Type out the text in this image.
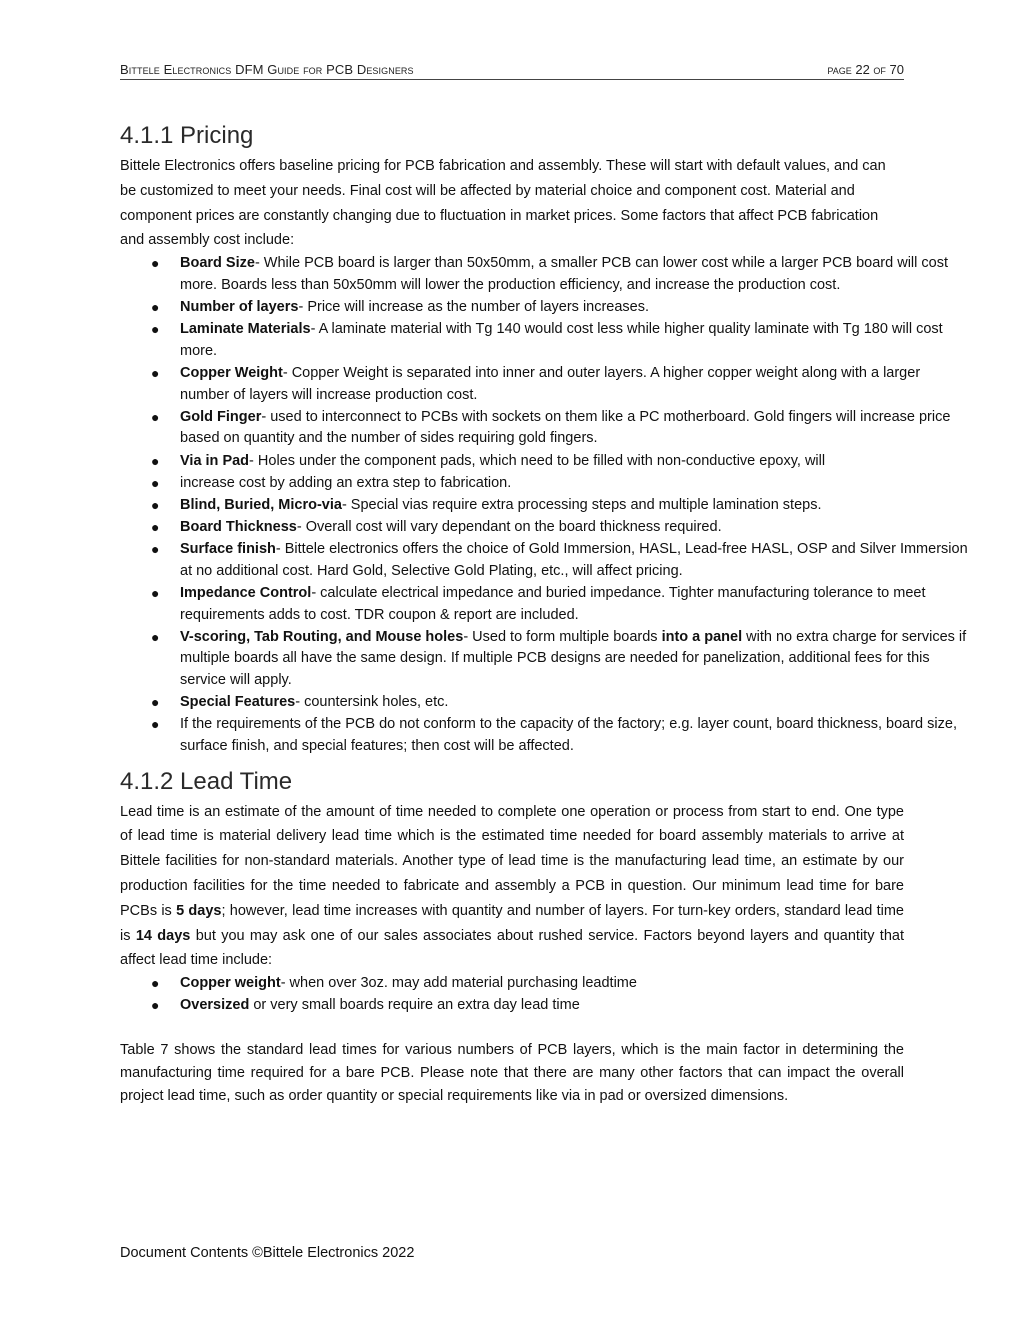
Bittele Electronics DFM Guide for PCB Designers	page 22 of 70
4.1.1 Pricing

Bittele Electronics offers baseline pricing for PCB fabrication and assembly. These will start with default values, and can be customized to meet your needs. Final cost will be affected by material choice and component cost. Material and component prices are constantly changing due to fluctuation in market prices. Some factors that affect PCB fabrication and assembly cost include:

● Board Size- While PCB board is larger than 50x50mm, a smaller PCB can lower cost while a larger PCB board will cost more. Boards less than 50x50mm will lower the production efficiency, and increase the production cost.
● Number of layers- Price will increase as the number of layers increases.
● Laminate Materials- A laminate material with Tg 140 would cost less while higher quality laminate with Tg 180 will cost more.
● Copper Weight- Copper Weight is separated into inner and outer layers. A higher copper weight along with a larger number of layers will increase production cost.
● Gold Finger- used to interconnect to PCBs with sockets on them like a PC motherboard. Gold fingers will increase price based on quantity and the number of sides requiring gold fingers.
● Via in Pad- Holes under the component pads, which need to be filled with non-conductive epoxy, will
● increase cost by adding an extra step to fabrication.
● Blind, Buried, Micro-via- Special vias require extra processing steps and multiple lamination steps.
● Board Thickness- Overall cost will vary dependant on the board thickness required.
● Surface finish- Bittele electronics offers the choice of Gold Immersion, HASL, Lead-free HASL, OSP and Silver Immersion at no additional cost. Hard Gold, Selective Gold Plating, etc., will affect pricing.
● Impedance Control- calculate electrical impedance and buried impedance. Tighter manufacturing tolerance to meet requirements adds to cost. TDR coupon & report are included.
● V-scoring, Tab Routing, and Mouse holes- Used to form multiple boards into a panel with no extra charge for services if multiple boards all have the same design. If multiple PCB designs are needed for panelization, additional fees for this service will apply.
● Special Features- countersink holes, etc.
● If the requirements of the PCB do not conform to the capacity of the factory; e.g. layer count, board thickness, board size, surface finish, and special features; then cost will be affected.
4.1.2 Lead Time

Lead time is an estimate of the amount of time needed to complete one operation or process from start to end. One type of lead time is material delivery lead time which is the estimated time needed for board assembly materials to arrive at Bittele facilities for non-standard materials. Another type of lead time is the manufacturing lead time, an estimate by our production facilities for the time needed to fabricate and assembly a PCB in question. Our minimum lead time for bare PCBs is 5 days; however, lead time increases with quantity and number of layers. For turn-key orders, standard lead time is 14 days but you may ask one of our sales associates about rushed service. Factors beyond layers and quantity that affect lead time include:

● Copper weight- when over 3oz. may add material purchasing leadtime
● Oversized or very small boards require an extra day lead time

Table 7 shows the standard lead times for various numbers of PCB layers, which is the main factor in determining the manufacturing time required for a bare PCB. Please note that there are many other factors that can impact the overall project lead time, such as order quantity or special requirements like via in pad or oversized dimensions.

Document Contents ©Bittele Electronics 2022
